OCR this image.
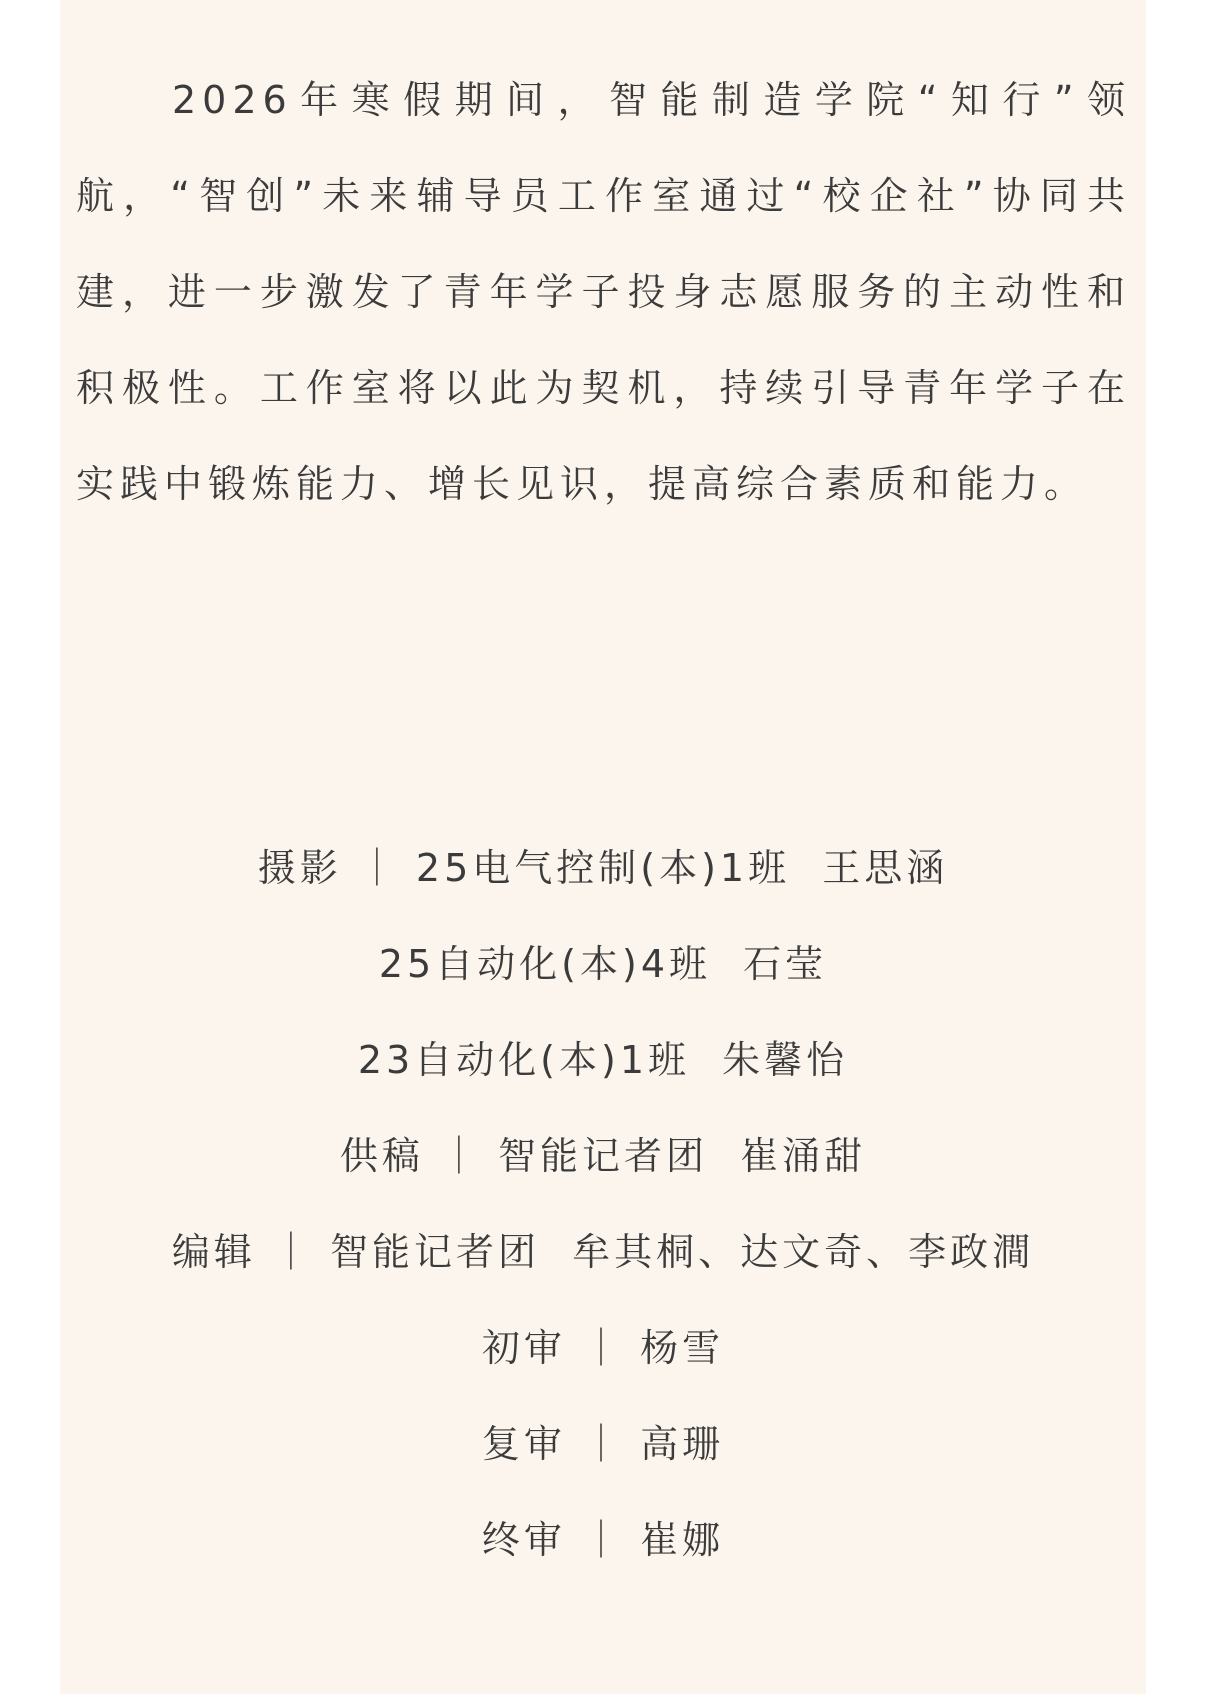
2026年寒假期间，智能制造学院“知行”领航，“智创”未来辅导员工作室通过“校企社”协同共建，进一步激发了青年学子投身志愿服务的主动性和积极性。工作室将以此为契机，持续引导青年学子在实践中锻炼能力、增长见识，提高综合素质和能力。

摄影 ｜ 25电气控制(本)1班  王思涵
25自动化(本)4班  石莹
23自动化(本)1班  朱馨怡
供稿 ｜ 智能记者团  崔涌甜
编辑 ｜ 智能记者团  牟其桐、达文奇、李政澗
初审 ｜ 杨雪
复审 ｜ 高珊
终审 ｜ 崔娜
